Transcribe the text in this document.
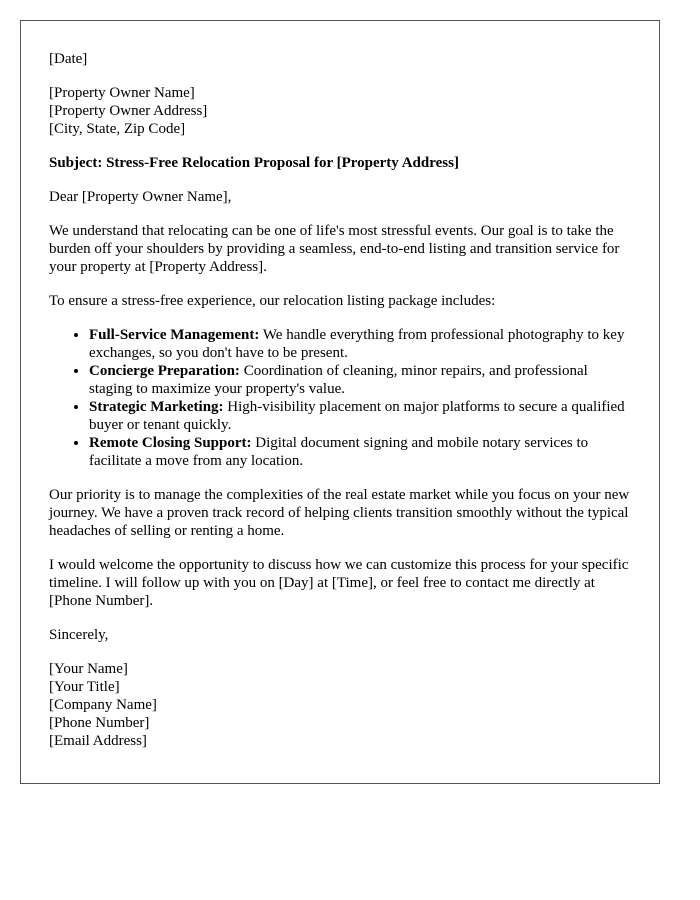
[Date]
[Property Owner Name]
[Property Owner Address]
[City, State, Zip Code]

Subject: Stress-Free Relocation Proposal for [Property Address]

Dear [Property Owner Name],

We understand that relocating can be one of life's most stressful events. Our goal is to take the burden off your shoulders by providing a seamless, end-to-end listing and transition service for your property at [Property Address].

To ensure a stress-free experience, our relocation listing package includes:

• Full-Service Management: We handle everything from professional photography to key exchanges, so you don't have to be present.
• Concierge Preparation: Coordination of cleaning, minor repairs, and professional staging to maximize your property's value.
• Strategic Marketing: High-visibility placement on major platforms to secure a qualified buyer or tenant quickly.
• Remote Closing Support: Digital document signing and mobile notary services to facilitate a move from any location.

Our priority is to manage the complexities of the real estate market while you focus on your new journey. We have a proven track record of helping clients transition smoothly without the typical headaches of selling or renting a home.

I would welcome the opportunity to discuss how we can customize this process for your specific timeline. I will follow up with you on [Day] at [Time], or feel free to contact me directly at [Phone Number].

Sincerely,

[Your Name]
[Your Title]
[Company Name]
[Phone Number]
[Email Address]
